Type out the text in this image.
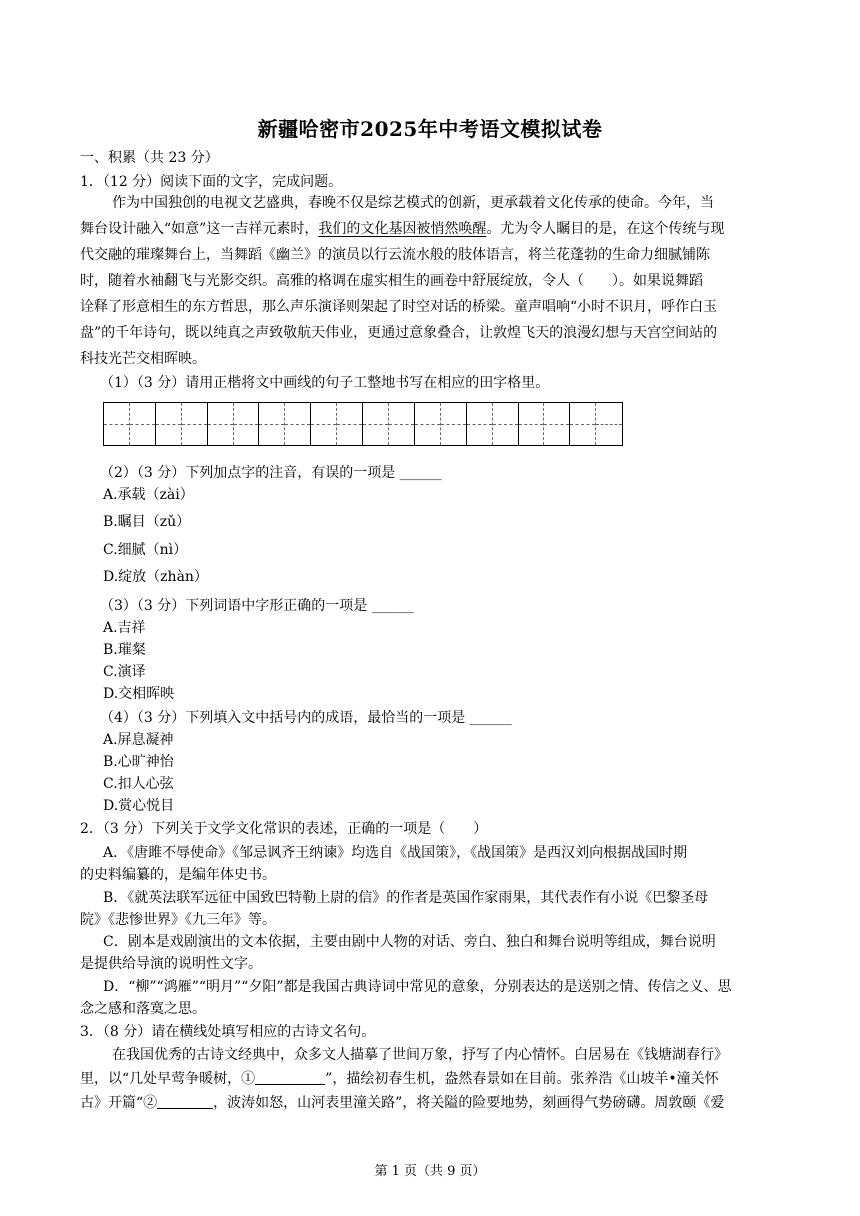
新疆哈密市2025年中考语文模拟试卷
一、积累（共 23 分）
1．（12 分）阅读下面的文字，完成问题。
作为中国独创的电视文艺盛典，春晚不仅是综艺模式的创新，更承载着文化传承的使命。今年，当
舞台设计融入“如意”这一吉祥元素时，我们的文化基因被悄然唤醒。尤为令人瞩目的是，在这个传统与现
代交融的璀璨舞台上，当舞蹈《幽兰》的演员以行云流水般的肢体语言，将兰花蓬勃的生命力细腻铺陈
时，随着水袖翻飞与光影交织。高雅的格调在虚实相生的画卷中舒展绽放，令人（　　）。如果说舞蹈
诠释了形意相生的东方哲思，那么声乐演译则架起了时空对话的桥梁。童声唱响“小时不识月，呼作白玉
盘”的千年诗句，既以纯真之声致敬航天伟业，更通过意象叠合，让敦煌飞天的浪漫幻想与天宫空间站的
科技光芒交相晖映。
（1）（3 分）请用正楷将文中画线的句子工整地书写在相应的田字格里。
（2）（3 分）下列加点字的注音，有误的一项是 ______
A.承载（zài）
B.瞩目（zǔ）
C.细腻（nì）
D.绽放（zhàn）
（3）（3 分）下列词语中字形正确的一项是 ______
A.吉祥
B.璀粲
C.演译
D.交相晖映
（4）（3 分）下列填入文中括号内的成语，最恰当的一项是 ______
A.屏息凝神
B.心旷神怡
C.扣人心弦
D.赏心悦目
2．（3 分）下列关于文学文化常识的表述，正确的一项是（　　）
A．《唐雎不辱使命》《邹忌讽齐王纳谏》均选自《战国策》，《战国策》是西汉刘向根据战国时期
的史料编纂的，是编年体史书。
B．《就英法联军远征中国致巴特勒上尉的信》的作者是英国作家雨果，其代表作有小说《巴黎圣母
院》《悲惨世界》《九三年》等。
C．剧本是戏剧演出的文本依据，主要由剧中人物的对话、旁白、独白和舞台说明等组成，舞台说明
是提供给导演的说明性文字。
D．“柳”“鸿雁”“明月”“夕阳”都是我国古典诗词中常见的意象，分别表达的是送别之情、传信之义、思
念之感和落寞之思。
3．（8 分）请在横线处填写相应的古诗文名句。
在我国优秀的古诗文经典中，众多文人描摹了世间万象，抒写了内心情怀。白居易在《钱塘湖春行》
里，以“几处早莺争暖树，①	”，描绘初春生机，盎然春景如在目前。张养浩《山坡羊•潼关怀
古》开篇“②	，波涛如怒，山河表里潼关路”，将关隘的险要地势，刻画得气势磅礴。周敦颐《爱
第 1 页（共 9 页）
